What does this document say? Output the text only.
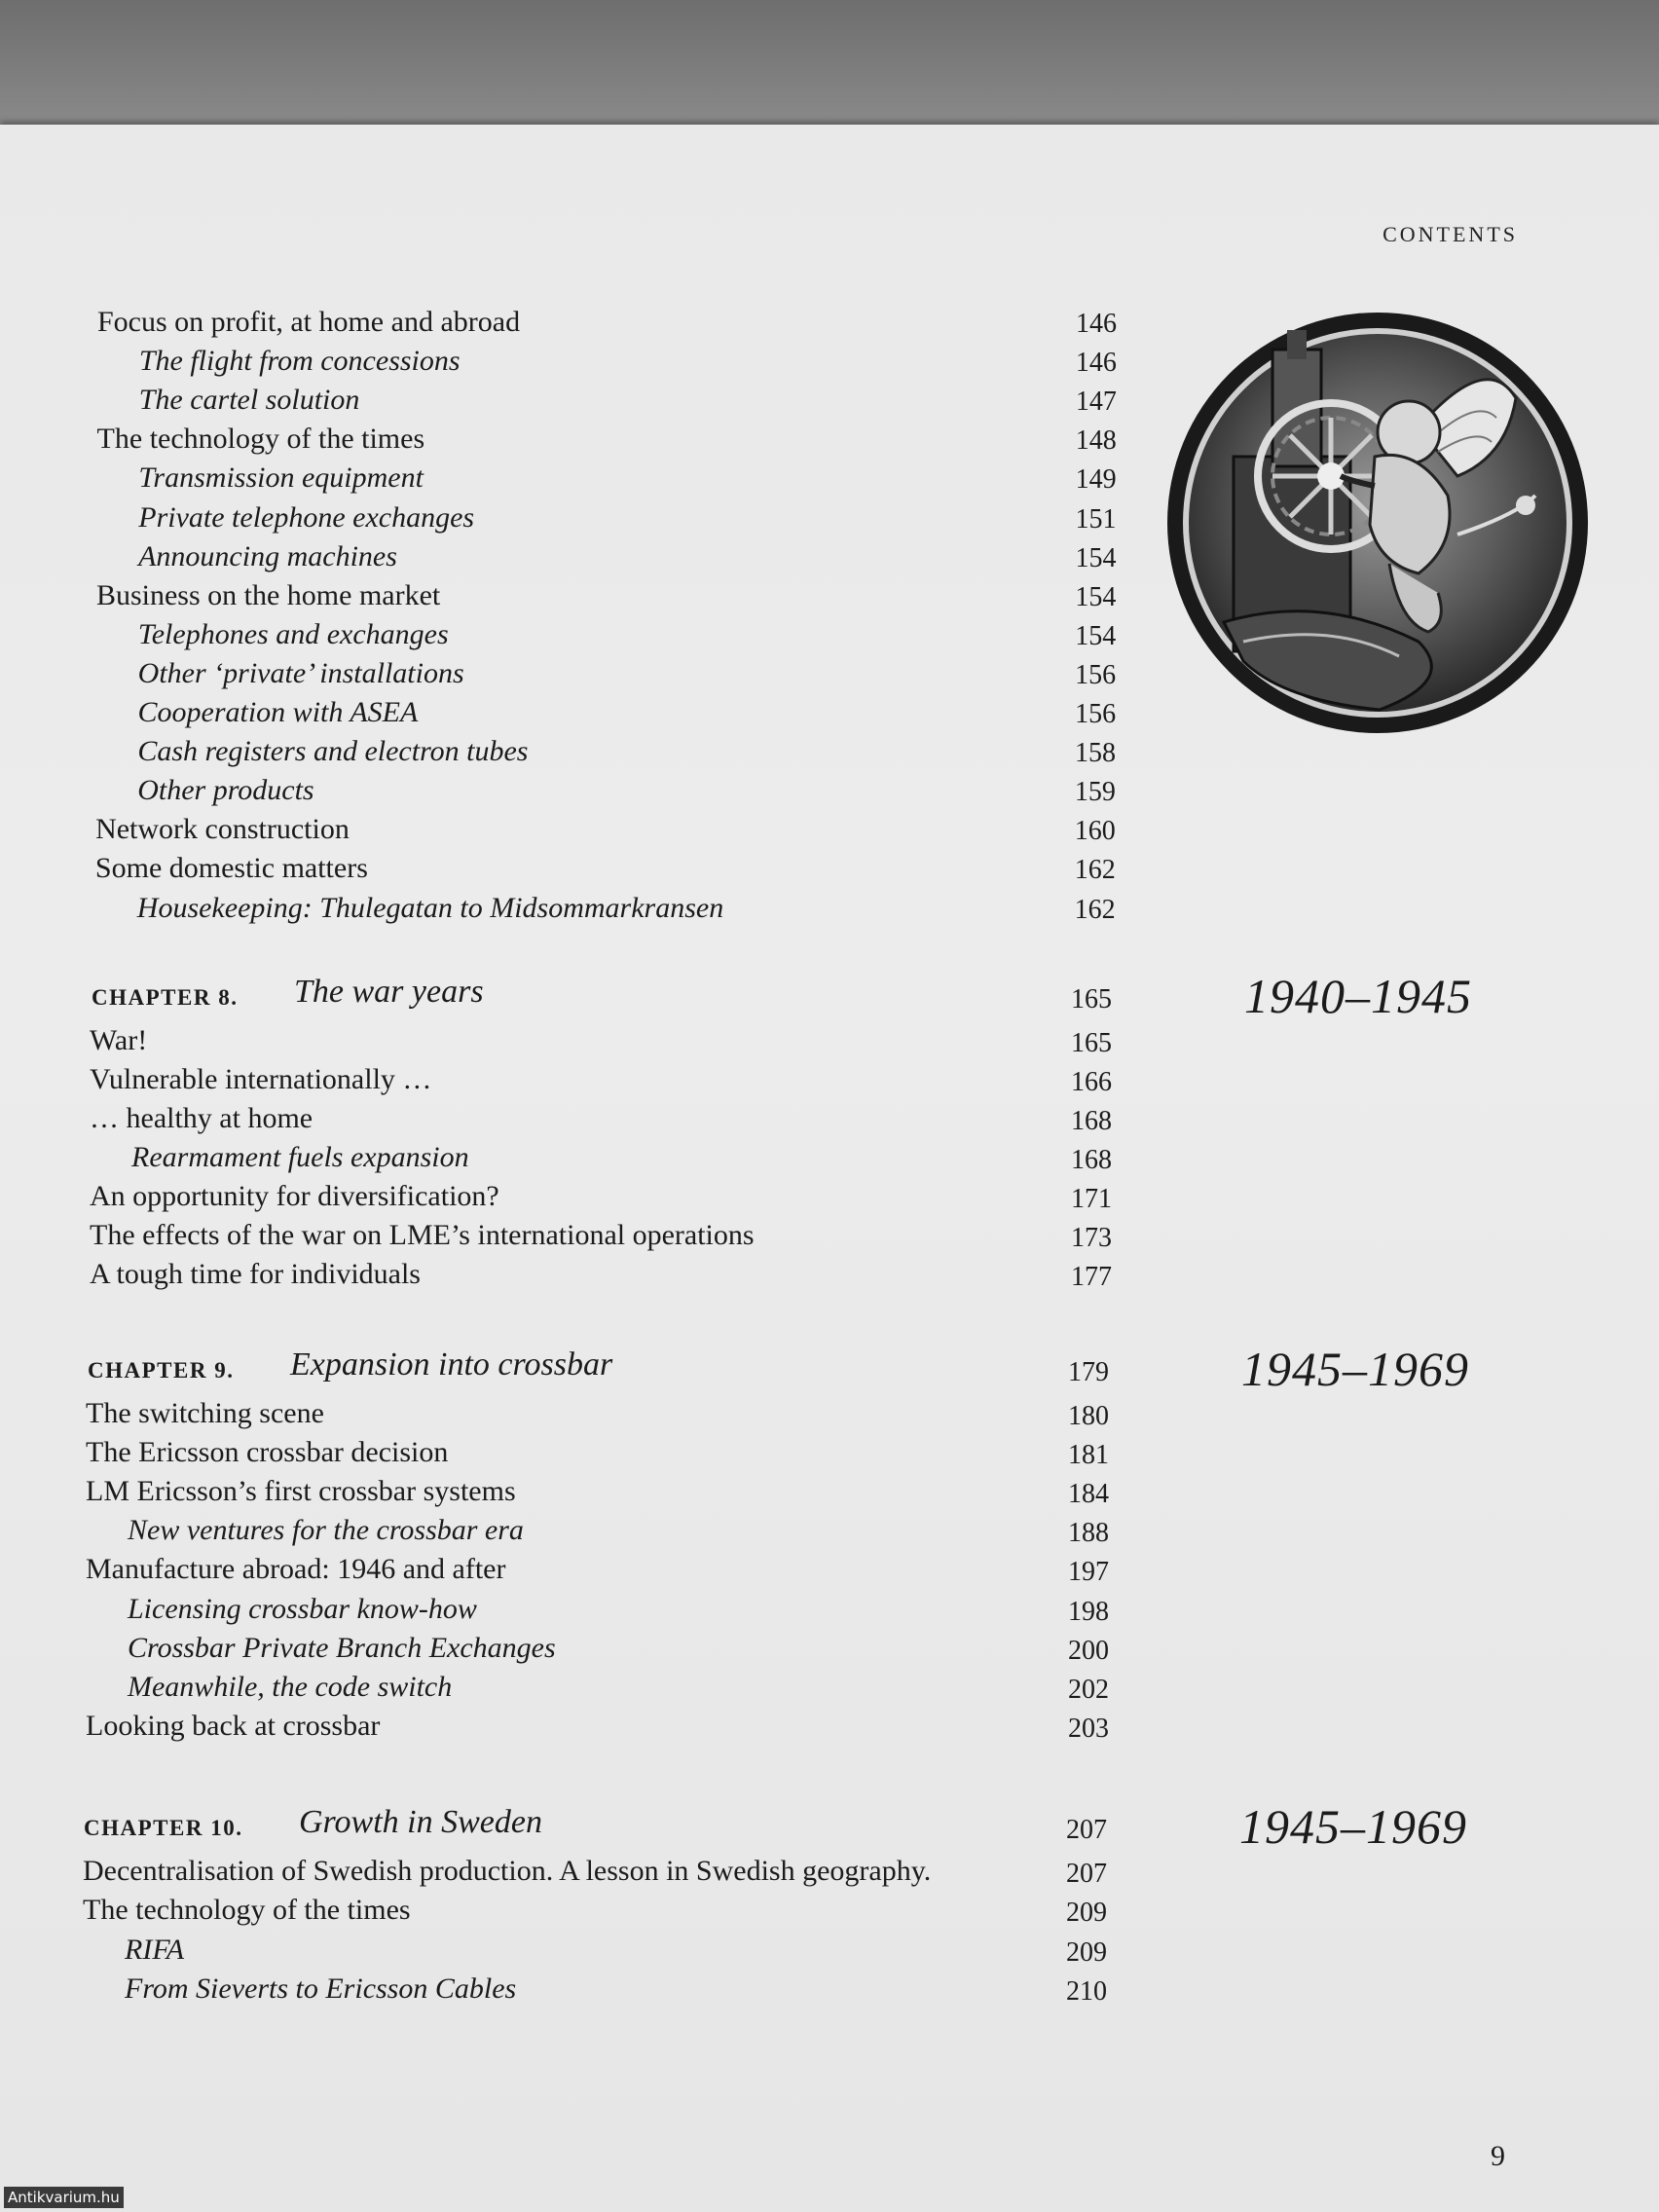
CONTENTS
Focus on profit, at home and abroad	146
The flight from concessions	146
The cartel solution	147
The technology of the times	148
Transmission equipment	149
Private telephone exchanges	151
Announcing machines	154
Business on the home market	154
Telephones and exchanges	154
Other ‘private’ installations	156
Cooperation with ASEA	156
Cash registers and electron tubes	158
Other products	159
Network construction	160
Some domestic matters	162
Housekeeping: Thulegatan to Midsommarkransen	162
CHAPTER 8. The war years	165	1940–1945
War!	165
Vulnerable internationally …	166
… healthy at home	168
Rearmament fuels expansion	168
An opportunity for diversification?	171
The effects of the war on LME’s international operations	173
A tough time for individuals	177
CHAPTER 9. Expansion into crossbar	179	1945–1969
The switching scene	180
The Ericsson crossbar decision	181
LM Ericsson’s first crossbar systems	184
New ventures for the crossbar era	188
Manufacture abroad: 1946 and after	197
Licensing crossbar know-how	198
Crossbar Private Branch Exchanges	200
Meanwhile, the code switch	202
Looking back at crossbar	203
CHAPTER 10. Growth in Sweden	207	1945–1969
Decentralisation of Swedish production. A lesson in Swedish geography.	207
The technology of the times	209
RIFA	209
From Sieverts to Ericsson Cables	210
9
Antikvarium.hu
